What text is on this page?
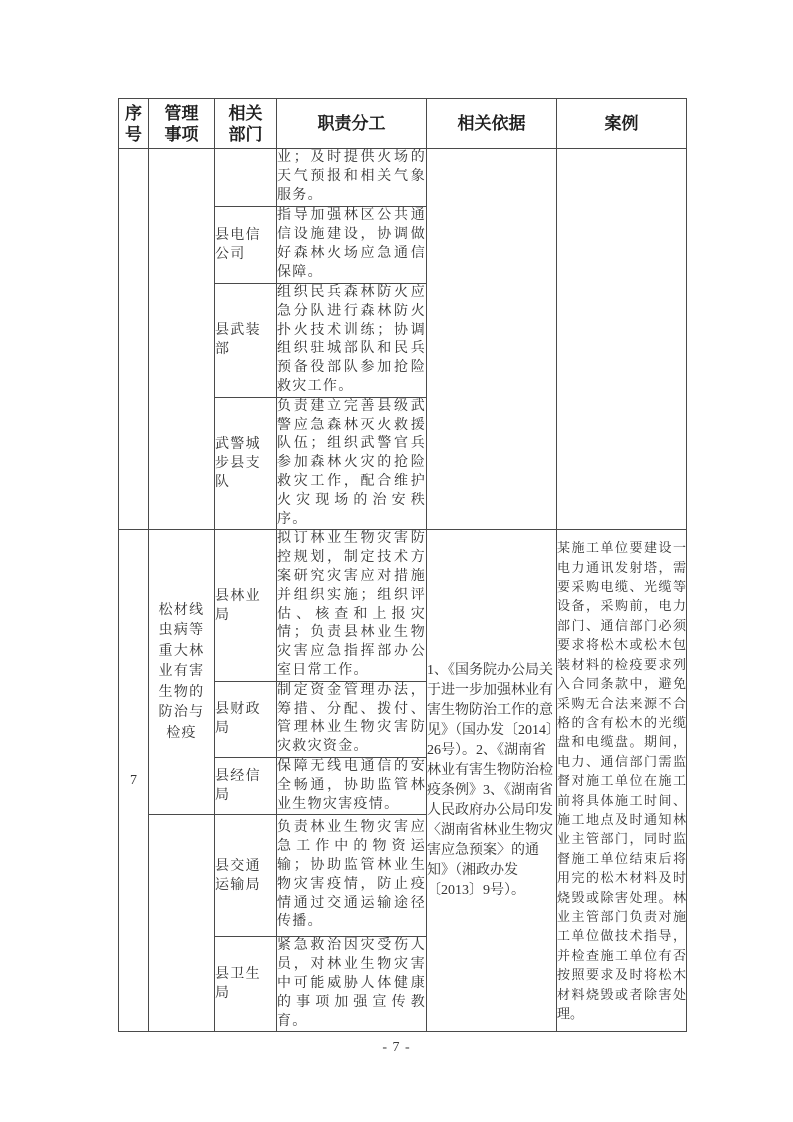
序号	管理事项	相关部门	职责分工	相关依据	案例
			业；及时提供火场的天气预报和相关气象服务。		
		县电信公司	指导加强林区公共通信设施建设，协调做好森林火场应急通信保障。		
		县武装部	组织民兵森林防火应急分队进行森林防火扑火技术训练；协调组织驻城部队和民兵预备役部队参加抢险救灾工作。		
		武警城步县支队	负责建立完善县级武警应急森林灭火救援队伍；组织武警官兵参加森林火灾的抢险救灾工作，配合维护火灾现场的治安秩序。		
7	松材线虫病等重大林业有害生物的防治与检疫	县林业局	拟订林业生物灾害防控规划，制定技术方案研究灾害应对措施并组织实施；组织评估、核查和上报灾情；负责县林业生物灾害应急指挥部办公室日常工作。	1、《国务院办公局关于进一步加强林业有害生物防治工作的意见》（国办发〔2014〕26号）。2、《湖南省林业有害生物防治检疫条例》3、《湖南省人民政府办公局印发〈湖南省林业生物灾害应急预案〉的通知》（湘政办发〔2013〕9号）。	某施工单位要建设一电力通讯发射塔，需要采购电缆、光缆等设备，采购前，电力部门、通信部门必须要求将松木或松木包装材料的检疫要求列入合同条款中，避免采购无合法来源不合格的含有松木的光缆盘和电缆盘。期间，电力、通信部门需监督对施工单位在施工前将具体施工时间、施工地点及时通知林业主管部门，同时监督施工单位结束后将用完的松木材料及时烧毁或除害处理。林业主管部门负责对施工单位做技术指导，并检查施工单位有否按照要求及时将松木材料烧毁或者除害处理。
		县财政局	制定资金管理办法，筹措、分配、拨付、管理林业生物灾害防灾救灾资金。		
		县经信局	保障无线电通信的安全畅通，协助监管林业生物灾害疫情。		
		县交通运输局	负责林业生物灾害应急工作中的物资运输；协助监管林业生物灾害疫情，防止疫情通过交通运输途径传播。		
		县卫生局	紧急救治因灾受伤人员，对林业生物灾害中可能威胁人体健康的事项加强宣传教育。		
- 7 -
